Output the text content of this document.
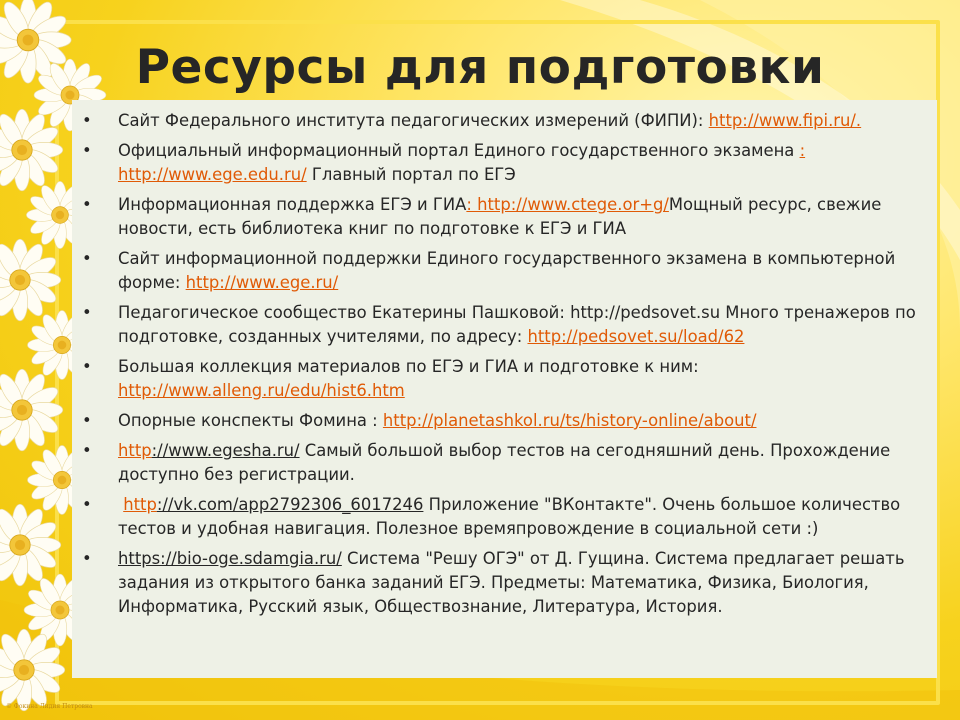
Ресурсы для подготовки
• Сайт Федерального института педагогических измерений (ФИПИ): http://www.fipi.ru/.
• Официальный информационный портал Единого государственного экзамена : http://www.ege.edu.ru/ Главный портал по ЕГЭ
• Информационная поддержка ЕГЭ и ГИА: http://www.ctege.or+g/Мощный ресурс, свежие новости, есть библиотека книг по подготовке к ЕГЭ и ГИА
• Сайт информационной поддержки Единого государственного экзамена в компьютерной форме: http://www.ege.ru/
• Педагогическое сообщество Екатерины Пашковой: http://pedsovet.su Много тренажеров по подготовке, созданных учителями, по адресу: http://pedsovet.su/load/62
• Большая коллекция материалов по ЕГЭ и ГИА и подготовке к ним: http://www.alleng.ru/edu/hist6.htm
• Опорные конспекты Фомина : http://planetashkol.ru/ts/history-online/about/
• http://www.egesha.ru/ Самый большой выбор тестов на сегодняшний день. Прохождение доступно без регистрации.
• http://vk.com/app2792306_6017246 Приложение "ВКонтакте". Очень большое количество тестов и удобная навигация. Полезное времяпровождение в социальной сети :)
• https://bio-oge.sdamgia.ru/ Система "Решу ОГЭ" от Д. Гущина. Система предлагает решать задания из открытого банка заданий ЕГЭ. Предметы: Математика, Физика, Биология, Информатика, Русский язык, Обществознание, Литература, История.
© Фокина Лидия Петровна
